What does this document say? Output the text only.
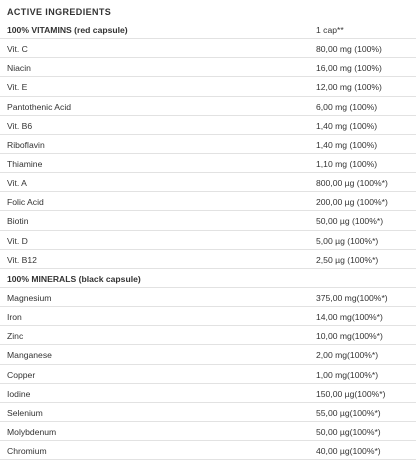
ACTIVE INGREDIENTS
100% VITAMINS (red capsule)	1 cap**
Vit. C	80,00 mg (100%)
Niacin	16,00 mg (100%)
Vit. E	12,00 mg (100%)
Pantothenic Acid	6,00 mg (100%)
Vit. B6	1,40 mg (100%)
Riboflavin	1,40 mg (100%)
Thiamine	1,10 mg (100%)
Vit. A	800,00 µg (100%*)
Folic Acid	200,00 µg (100%*)
Biotin	50,00 µg (100%*)
Vit. D	5,00 µg (100%*)
Vit. B12	2,50 µg (100%*)
100% MINERALS (black capsule)
Magnesium	375,00 mg(100%*)
Iron	14,00 mg(100%*)
Zinc	10,00 mg(100%*)
Manganese	2,00 mg(100%*)
Copper	1,00 mg(100%*)
Iodine	150,00 µg(100%*)
Selenium	55,00 µg(100%*)
Molybdenum	50,00 µg(100%*)
Chromium	40,00 µg(100%*)
